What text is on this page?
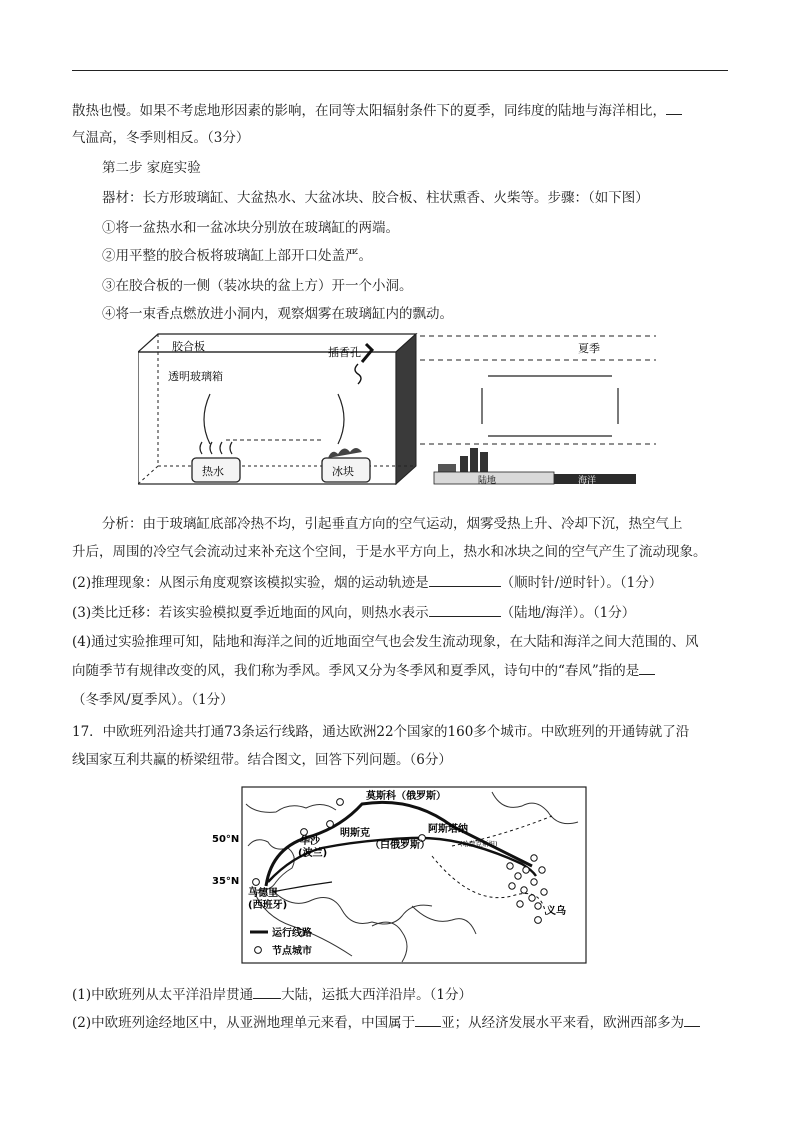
散热也慢。如果不考虑地形因素的影响，在同等太阳辐射条件下的夏季，同纬度的陆地与海洋相比，
气温高，冬季则相反。（3分）
第二步 家庭实验
器材：长方形玻璃缸、大盆热水、大盆冰块、胶合板、柱状熏香、火柴等。步骤：（如下图）
①将一盆热水和一盆冰块分别放在玻璃缸的两端。
②用平整的胶合板将玻璃缸上部开口处盖严。
③在胶合板的一侧（装冰块的盆上方）开一个小洞。
④将一束香点燃放进小洞内，观察烟雾在玻璃缸内的飘动。
胶合板	插香孔
透明玻璃箱
热水	冰块
夏季
陆地	海洋
分析：由于玻璃缸底部冷热不均，引起垂直方向的空气运动，烟雾受热上升、冷却下沉，热空气上
升后，周围的冷空气会流动过来补充这个空间，于是水平方向上，热水和冰块之间的空气产生了流动现象。
(2)推理现象：从图示角度观察该模拟实验，烟的运动轨迹是	（顺时针/逆时针）。（1分）
(3)类比迁移：若该实验模拟夏季近地面的风向，则热水表示	（陆地/海洋）。（1分）
(4)通过实验推理可知，陆地和海洋之间的近地面空气也会发生流动现象，在大陆和海洋之间大范围的、风
向随季节有规律改变的风，我们称为季风。季风又分为冬季风和夏季风，诗句中的“春风”指的是
（冬季风/夏季风）。（1分）
17．中欧班列沿途共打通73条运行线路，通达欧洲22个国家的160多个城市。中欧班列的开通铸就了沿
线国家互利共赢的桥梁纽带。结合图文，回答下列问题。（6分）
莫斯科（俄罗斯）
明斯克
（白俄罗斯）
阿斯塔纳
(哈萨克斯坦)
华沙
(波兰)
马德里
(西班牙)
义乌
50°N
35°N
运行线路
节点城市
(1)中欧班列从太平洋沿岸贯通 大陆，运抵大西洋沿岸。（1分）
(2)中欧班列途经地区中，从亚洲地理单元来看，中国属于 亚；从经济发展水平来看，欧洲西部多为
